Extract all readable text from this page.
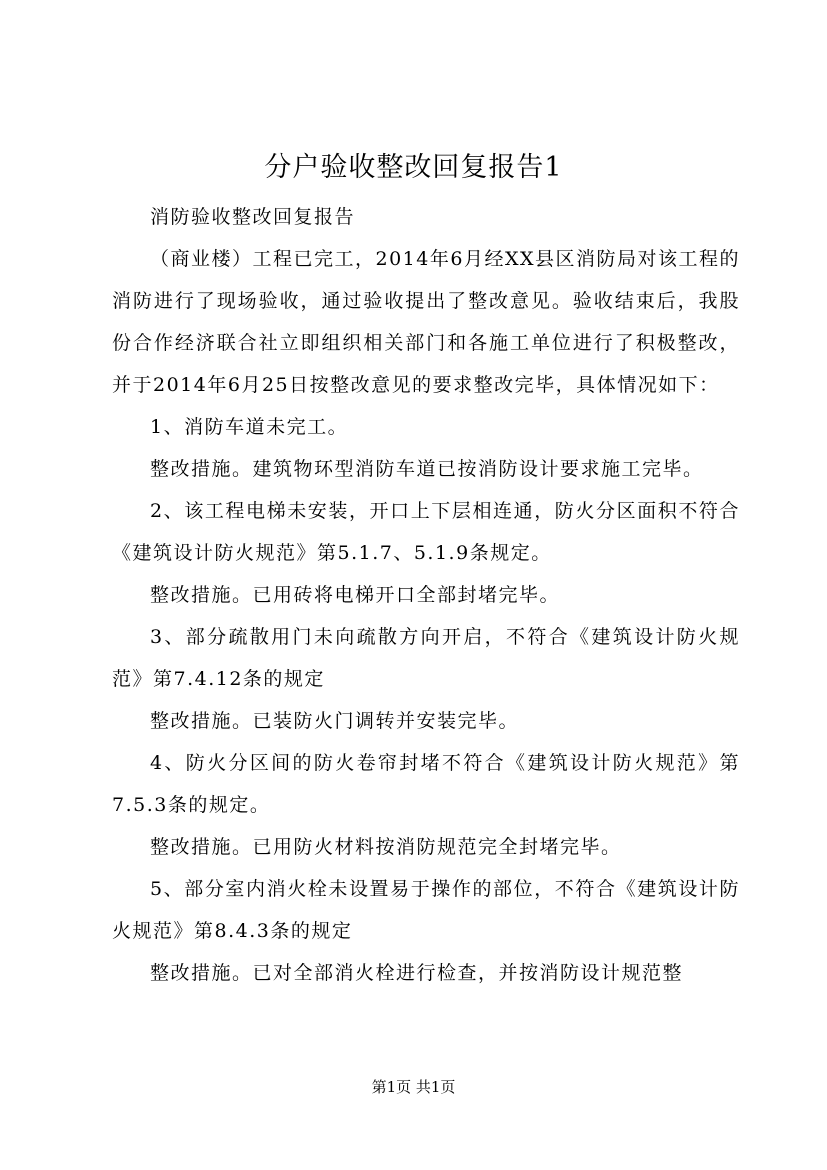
分户验收整改回复报告1

消防验收整改回复报告

（商业楼）工程已完工，2014年6月经XX县区消防局对该工程的消防进行了现场验收，通过验收提出了整改意见。验收结束后，我股份合作经济联合社立即组织相关部门和各施工单位进行了积极整改，并于2014年6月25日按整改意见的要求整改完毕，具体情况如下：

1、消防车道未完工。

整改措施。建筑物环型消防车道已按消防设计要求施工完毕。

2、该工程电梯未安装，开口上下层相连通，防火分区面积不符合《建筑设计防火规范》第5.1.7、5.1.9条规定。

整改措施。已用砖将电梯开口全部封堵完毕。

3、部分疏散用门未向疏散方向开启，不符合《建筑设计防火规范》第7.4.12条的规定

整改措施。已装防火门调转并安装完毕。

4、防火分区间的防火卷帘封堵不符合《建筑设计防火规范》第7.5.3条的规定。

整改措施。已用防火材料按消防规范完全封堵完毕。

5、部分室内消火栓未设置易于操作的部位，不符合《建筑设计防火规范》第8.4.3条的规定

整改措施。已对全部消火栓进行检查，并按消防设计规范整

第1页 共1页
